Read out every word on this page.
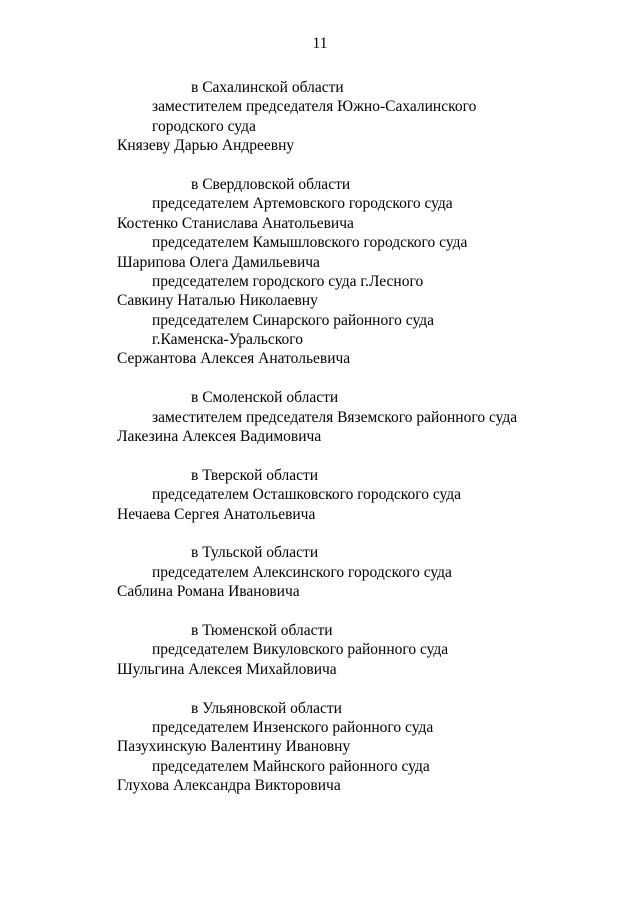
11
в Сахалинской области
заместителем председателя Южно-Сахалинского
городского суда
Князеву Дарью Андреевну
в Свердловской области
председателем Артемовского городского суда
Костенко Станислава Анатольевича
председателем Камышловского городского суда
Шарипова Олега Дамильевича
председателем городского суда г.Лесного
Савкину Наталью Николаевну
председателем Синарского районного суда
г.Каменска-Уральского
Сержантова Алексея Анатольевича
в Смоленской области
заместителем председателя Вяземского районного суда
Лакезина Алексея Вадимовича
в Тверской области
председателем Осташковского городского суда
Нечаева Сергея Анатольевича
в Тульской области
председателем Алексинского городского суда
Саблина Романа Ивановича
в Тюменской области
председателем Викуловского районного суда
Шульгина Алексея Михайловича
в Ульяновской области
председателем Инзенского районного суда
Пазухинскую Валентину Ивановну
председателем Майнского районного суда
Глухова Александра Викторовича
